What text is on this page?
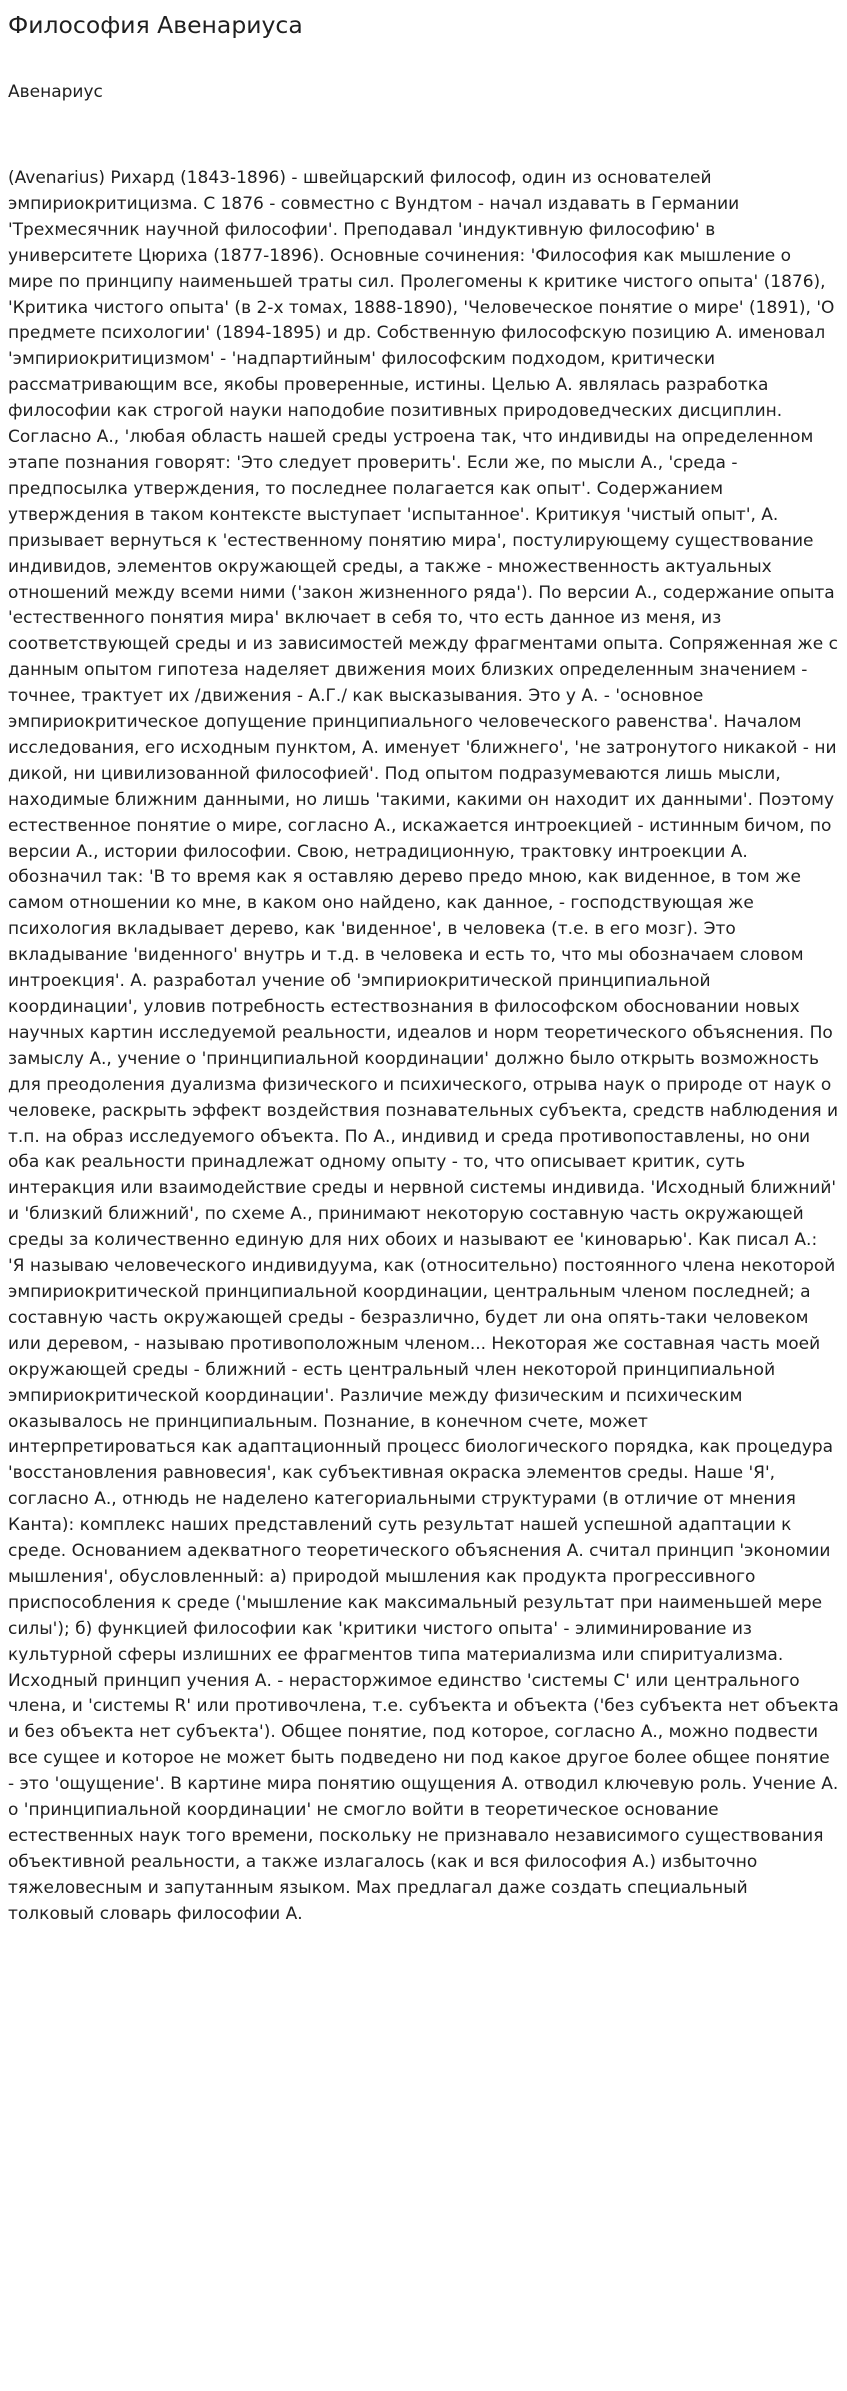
Философия Авенариуса

Авенариус

(Avenarius) Рихард (1843-1896) - швейцарский философ, один из основателей эмпириокритицизма. С 1876 - совместно с Вундтом - начал издавать в Германии 'Трехмесячник научной философии'. Преподавал 'индуктивную философию' в университете Цюриха (1877-1896). Основные сочинения: 'Философия как мышление о мире по принципу наименьшей траты сил. Пролегомены к критике чистого опыта' (1876), 'Критика чистого опыта' (в 2-х томах, 1888-1890), 'Человеческое понятие о мире' (1891), 'О предмете психологии' (1894-1895) и др. Собственную философскую позицию А. именовал 'эмпириокритицизмом' - 'надпартийным' философским подходом, критически рассматривающим все, якобы проверенные, истины. Целью А. являлась разработка философии как строгой науки наподобие позитивных природоведческих дисциплин. Согласно А., 'любая область нашей среды устроена так, что индивиды на определенном этапе познания говорят: 'Это следует проверить'. Если же, по мысли А., 'среда - предпосылка утверждения, то последнее полагается как опыт'. Содержанием утверждения в таком контексте выступает 'испытанное'. Критикуя 'чистый опыт', А. призывает вернуться к 'естественному понятию мира', постулирующему существование индивидов, элементов окружающей среды, а также - множественность актуальных отношений между всеми ними ('закон жизненного ряда'). По версии А., содержание опыта 'естественного понятия мира' включает в себя то, что есть данное из меня, из соответствующей среды и из зависимостей между фрагментами опыта. Сопряженная же с данным опытом гипотеза наделяет движения моих близких определенным значением - точнее, трактует их /движения - А.Г./ как высказывания. Это у А. - 'основное эмпириокритическое допущение принципиального человеческого равенства'. Началом исследования, его исходным пунктом, А. именует 'ближнего', 'не затронутого никакой - ни дикой, ни цивилизованной философией'. Под опытом подразумеваются лишь мысли, находимые ближним данными, но лишь 'такими, какими он находит их данными'. Поэтому естественное понятие о мире, согласно А., искажается интроекцией - истинным бичом, по версии А., истории философии. Свою, нетрадиционную, трактовку интроекции А. обозначил так: 'В то время как я оставляю дерево предо мною, как виденное, в том же самом отношении ко мне, в каком оно найдено, как данное, - господствующая же психология вкладывает дерево, как 'виденное', в человека (т.е. в его мозг). Это вкладывание 'виденного' внутрь и т.д. в человека и есть то, что мы обозначаем словом интроекция'. А. разработал учение об 'эмпириокритической принципиальной координации', уловив потребность естествознания в философском обосновании новых научных картин исследуемой реальности, идеалов и норм теоретического объяснения. По замыслу А., учение о 'принципиальной координации' должно было открыть возможность для преодоления дуализма физического и психического, отрыва наук о природе от наук о человеке, раскрыть эффект воздействия познавательных субъекта, средств наблюдения и т.п. на образ исследуемого объекта. По А., индивид и среда противопоставлены, но они оба как реальности принадлежат одному опыту - то, что описывает критик, суть интеракция или взаимодействие среды и нервной системы индивида. 'Исходный ближний' и 'близкий ближний', по схеме А., принимают некоторую составную часть окружающей среды за количественно единую для них обоих и называют ее 'киноварью'. Как писал А.: 'Я называю человеческого индивидуума, как (относительно) постоянного члена некоторой эмпириокритической принципиальной координации, центральным членом последней; а составную часть окружающей среды - безразлично, будет ли она опять-таки человеком или деревом, - называю противоположным членом... Некоторая же составная часть моей окружающей среды - ближний - есть центральный член некоторой принципиальной эмпириокритической координации'. Различие между физическим и психическим оказывалось не принципиальным. Познание, в конечном счете, может интерпретироваться как адаптационный процесс биологического порядка, как процедура 'восстановления равновесия', как субъективная окраска элементов среды. Наше 'Я', согласно А., отнюдь не наделено категориальными структурами (в отличие от мнения Канта): комплекс наших представлений суть результат нашей успешной адаптации к среде. Основанием адекватного теоретического объяснения А. считал принцип 'экономии мышления', обусловленный: а) природой мышления как продукта прогрессивного приспособления к среде ('мышление как максимальный результат при наименьшей мере силы'); б) функцией философии как 'критики чистого опыта' - элиминирование из культурной сферы излишних ее фрагментов типа материализма или спиритуализма. Исходный принцип учения А. - нерасторжимое единство 'системы С' или центрального члена, и 'системы R' или противочлена, т.е. субъекта и объекта ('без субъекта нет объекта и без объекта нет субъекта'). Общее понятие, под которое, согласно А., можно подвести все сущее и которое не может быть подведено ни под какое другое более общее понятие - это 'ощущение'. В картине мира понятию ощущения А. отводил ключевую роль. Учение А. о 'принципиальной координации' не смогло войти в теоретическое основание естественных наук того времени, поскольку не признавало независимого существования объективной реальности, а также излагалось (как и вся философия А.) избыточно тяжеловесным и запутанным языком. Мах предлагал даже создать специальный толковый словарь философии А.
